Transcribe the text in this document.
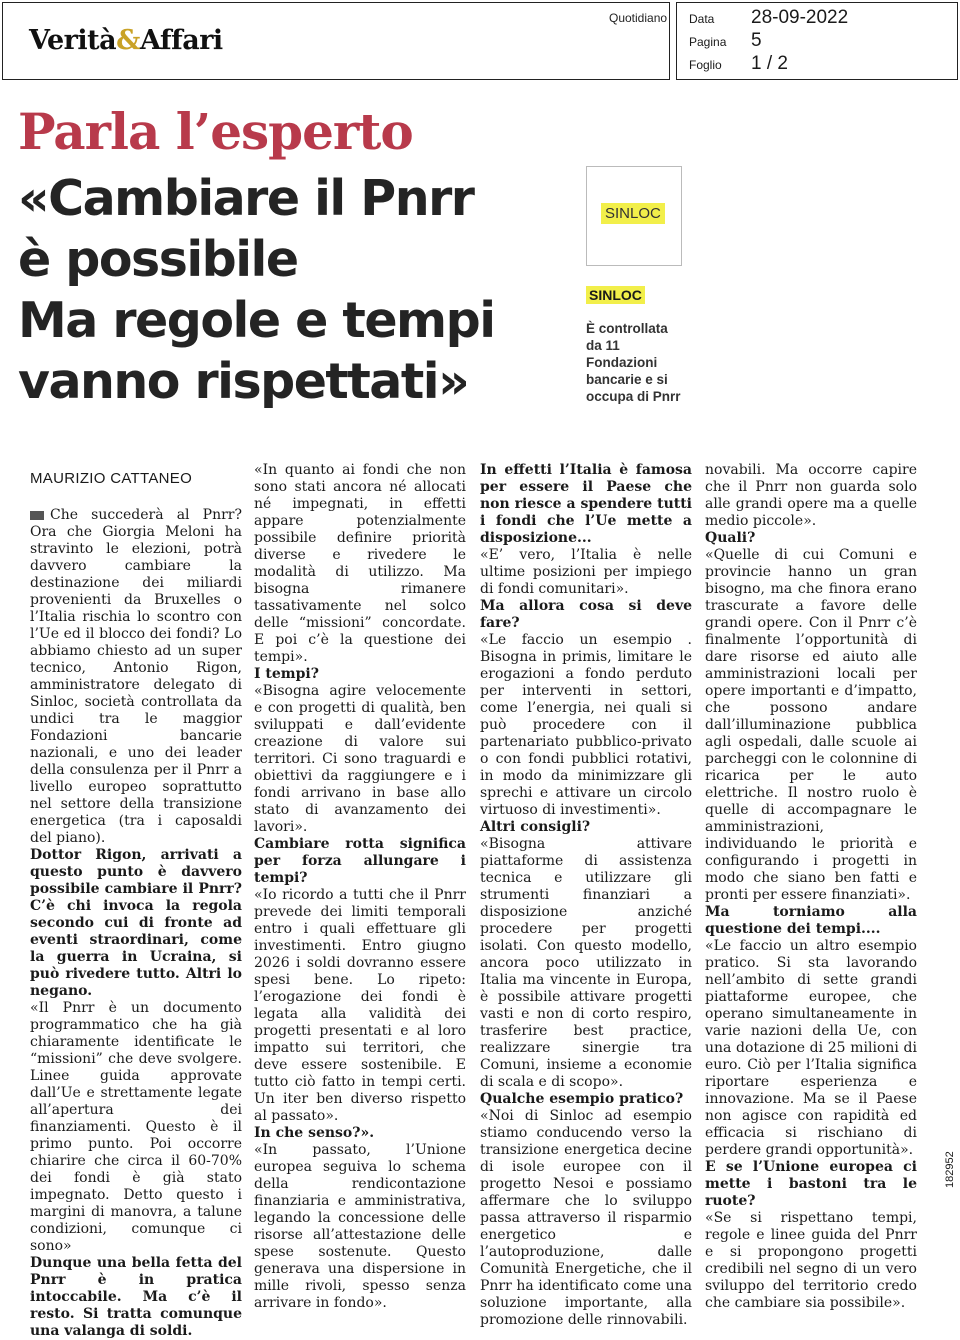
Verità&Affari
Quotidiano Data 28-09-2022
Pagina 5
Foglio 1 / 2
Parla l’esperto
«Cambiare il Pnrr
è possibile
Ma regole e tempi
vanno rispettati»
SINLOC
SINLOC
È controllata da 11 Fondazioni bancarie e si occupa di Pnrr
MAURIZIO CATTANEO

Che succederà al Pnrr? Ora che Giorgia Meloni ha stravinto le elezioni, potrà davvero cambiare la destinazione dei miliardi provenienti da Bruxelles o l’Italia rischia lo scontro con l’Ue ed il blocco dei fondi? Lo abbiamo chiesto ad un super tecnico, Antonio Rigon, amministratore delegato di Sinloc, società controllata da undici tra le maggior Fondazioni bancarie nazionali, e uno dei leader della consulenza per il Pnrr a livello europeo soprattutto nel settore della transizione energetica (tra i caposaldi del piano).

Dottor Rigon, arrivati a questo punto è davvero possibile cambiare il Pnrr? C’è chi invoca la regola secondo cui di fronte ad eventi straordinari, come la guerra in Ucraina, si può rivedere tutto. Altri lo negano.

«Il Pnrr è un documento programmatico che ha già chiaramente identificate le “missioni” che deve svolgere. Linee guida approvate dall’Ue e strettamente legate all’apertura dei finanziamenti. Questo è il primo punto. Poi occorre chiarire che circa il 60-70% dei fondi è già stato impegnato. Detto questo i margini di manovra, a talune condizioni, comunque ci sono»

Dunque una bella fetta del Pnrr è in pratica intoccabile. Ma c’è il resto. Si tratta comunque una valanga di soldi.

«In quanto ai fondi che non sono stati ancora né allocati né impegnati, in effetti appare potenzialmente possibile definire priorità diverse e rivedere le modalità di utilizzo. Ma bisogna rimanere tassativamente nel solco delle “missioni” concordate. E poi c’è la questione dei tempi».

I tempi?

«Bisogna agire velocemente e con progetti di qualità, ben sviluppati e dall’evidente creazione di valore sui territori. Ci sono traguardi e obiettivi da raggiungere e i fondi arrivano in base allo stato di avanzamento dei lavori».

Cambiare rotta significa per forza allungare i tempi?

«Io ricordo a tutti che il Pnrr prevede dei limiti temporali entro i quali effettuare gli investimenti. Entro giugno 2026 i soldi dovranno essere spesi bene. Lo ripeto: l’erogazione dei fondi è legata alla validità dei progetti presentati e al loro impatto sui territori, che deve essere sostenibile. E tutto ciò fatto in tempi certi. Un iter ben diverso rispetto al passato».

In che senso?».

«In passato, l’Unione europea seguiva lo schema della rendicontazione finanziaria e amministrativa, legando la concessione delle risorse all’attestazione delle spese sostenute. Questo generava una dispersione in mille rivoli, spesso senza arrivare in fondo».

In effetti l’Italia è famosa per essere il Paese che non riesce a spendere tutti i fondi che l’Ue mette a disposizione...

«E’ vero, l’Italia è nelle ultime posizioni per impiego di fondi comunitari».

Ma allora cosa si deve fare?

«Le faccio un esempio . Bisogna in primis, limitare le erogazioni a fondo perduto per interventi in settori, come l’energia, nei quali si può procedere con il partenariato pubblico-privato o con fondi pubblici rotativi, in modo da minimizzare gli sprechi e attivare un circolo virtuoso di investimenti».

Altri consigli?

«Bisogna attivare piattaforme di assistenza tecnica e utilizzare gli strumenti finanziari a disposizione anziché procedere per progetti isolati. Con questo modello, ancora poco utilizzato in Italia ma vincente in Europa, è possibile attivare progetti vasti e non di corto respiro, trasferire best practice, realizzare sinergie tra Comuni, insieme a economie di scala e di scopo».

Qualche esempio pratico?

«Noi di Sinloc ad esempio stiamo conducendo verso la transizione energetica decine di isole europee con il progetto Nesoi e possiamo affermare che lo sviluppo passa attraverso il risparmio energetico e l’autoproduzione, dalle Comunità Energetiche, che il Pnrr ha identificato come una soluzione importante, alla promozione delle rinnovabili.

novabili. Ma occorre capire che il Pnrr non guarda solo alle grandi opere ma a quelle medio piccole».

Quali?

«Quelle di cui Comuni e provincie hanno un gran bisogno, ma che finora erano trascurate a favore delle grandi opere. Con il Pnrr c’è finalmente l’opportunità di dare risorse ed aiuto alle amministrazioni locali per opere importanti e d’impatto, che possono andare dall’illuminazione pubblica agli ospedali, dalle scuole ai parcheggi con le colonnine di ricarica per le auto elettriche. Il nostro ruolo è quelle di accompagnare le amministrazioni, individuando le priorità e configurando i progetti in modo che siano ben fatti e pronti per essere finanziati».

Ma torniamo alla questione dei tempi....

«Le faccio un altro esempio pratico. Si sta lavorando nell’ambito di sette grandi piattaforme europee, che operano simultaneamente in varie nazioni della Ue, con una dotazione di 25 milioni di euro. Ciò per l’Italia significa riportare esperienza e innovazione. Ma se il Paese non agisce con rapidità ed efficacia si rischiano di perdere grandi opportunità».

E se l’Unione europea ci mette i bastoni tra le ruote?

«Se si rispettano tempi, regole e linee guida del Pnrr e si propongono progetti credibili nel segno di un vero sviluppo del territorio credo che cambiare sia possibile».

182952
